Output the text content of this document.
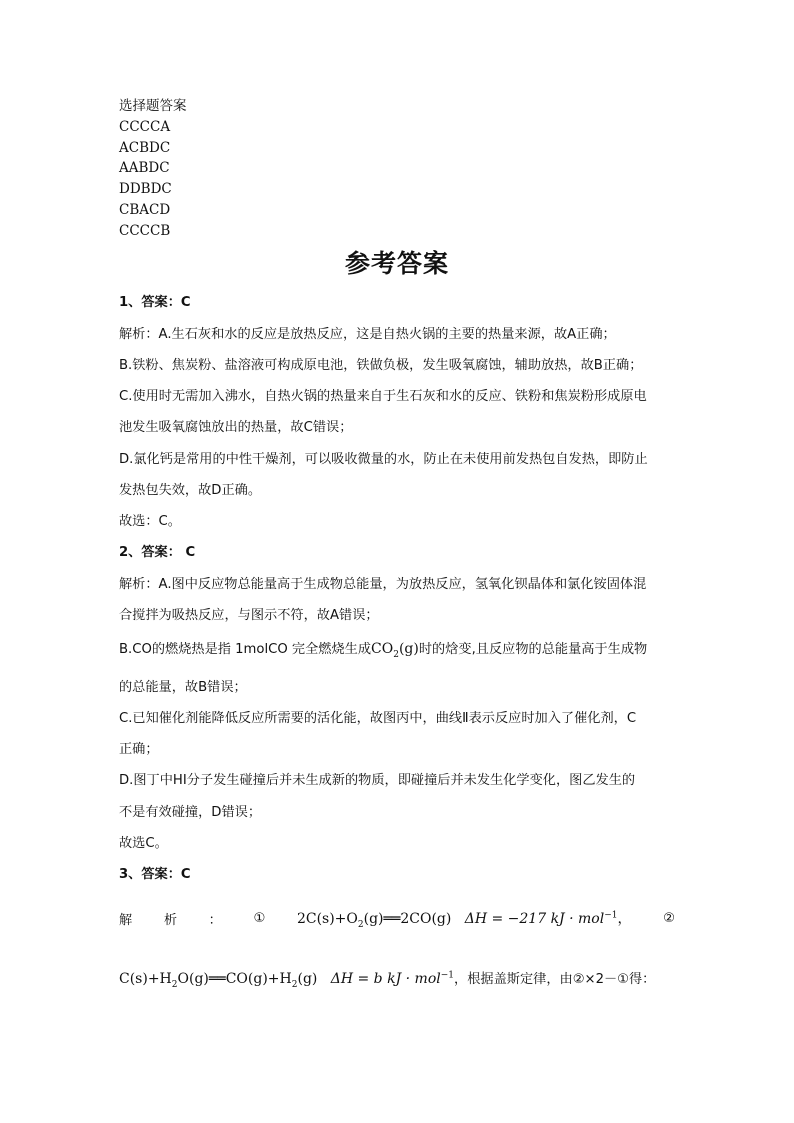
选择题答案
CCCCA
ACBDC
AABDC
DDBDC
CBACD
CCCCB
参考答案
1、答案：C
解析：A.生石灰和水的反应是放热反应，这是自热火锅的主要的热量来源，故A正确；
B.铁粉、焦炭粉、盐溶液可构成原电池，铁做负极，发生吸氧腐蚀，辅助放热，故B正确；
C.使用时无需加入沸水，自热火锅的热量来自于生石灰和水的反应、铁粉和焦炭粉形成原电
池发生吸氧腐蚀放出的热量，故C错误；
D.氯化钙是常用的中性干燥剂，可以吸收微量的水，防止在未使用前发热包自发热，即防止
发热包失效，故D正确。
故选：C。
2、答案： C
解析：A.图中反应物总能量高于生成物总能量，为放热反应，氢氧化钡晶体和氯化铵固体混
合搅拌为吸热反应，与图示不符，故A错误；
B.CO的燃烧热是指 1molCO 完全燃烧生成$CO_2(g)$时的焓变,且反应物的总能量高于生成物
的总能量，故B错误；
C.已知催化剂能降低反应所需要的活化能，故图丙中，曲线Ⅱ表示反应时加入了催化剂，C
正确；
D.图丁中HI分子发生碰撞后并未生成新的物质，即碰撞后并未发生化学变化，图乙发生的
不是有效碰撞，D错误；
故选C。
3、答案：C
解 析 ： ① $2C(s)+O_2(g)══2CO(g) \Delta H = -217$ kJ · mol$^{-1}$， ②
$C(s)+H_2O(g)══CO(g)+H_2(g) \Delta H = b$ kJ · mol$^{-1}$，根据盖斯定律，由②×2－①得：
